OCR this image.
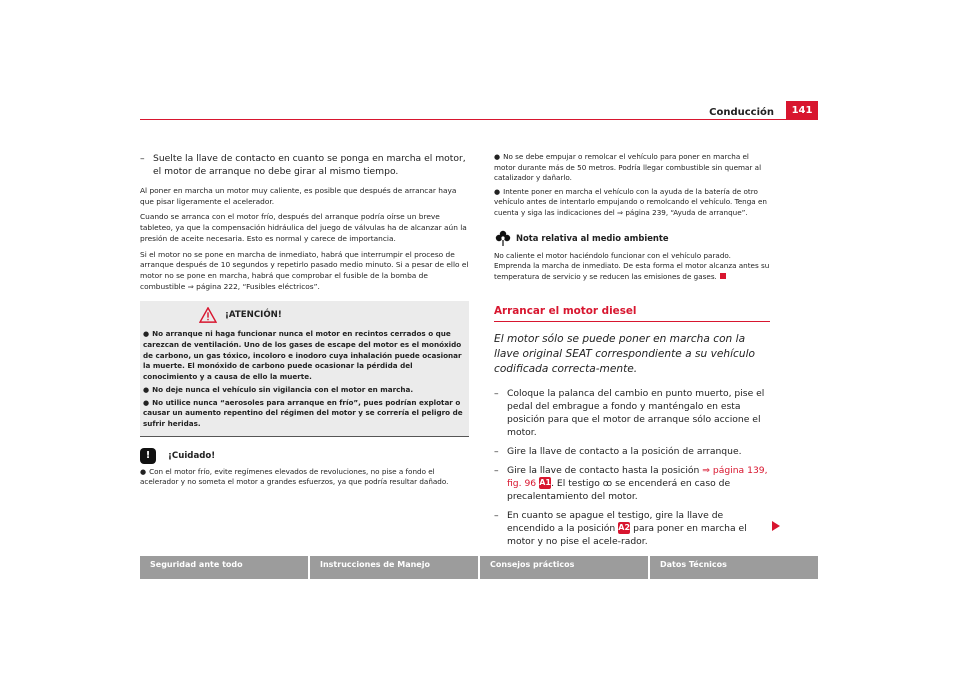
Conducción	141
– Suelte la llave de contacto en cuanto se ponga en marcha el motor, el motor de arranque no debe girar al mismo tiempo.
Al poner en marcha un motor muy caliente, es posible que después de arrancar haya que pisar ligeramente el acelerador.
Cuando se arranca con el motor frío, después del arranque podría oírse un breve tableteo, ya que la compensación hidráulica del juego de válvulas ha de alcanzar aún la presión de aceite necesaria. Esto es normal y carece de importancia.
Si el motor no se pone en marcha de inmediato, habrá que interrumpir el proceso de arranque después de 10 segundos y repetirlo pasado medio minuto. Si a pesar de ello el motor no se pone en marcha, habrá que comprobar el fusible de la bomba de combustible ⇒ página 222, “Fusibles eléctricos”.
¡ATENCIÓN!
● No arranque ni haga funcionar nunca el motor en recintos cerrados o que carezcan de ventilación. Uno de los gases de escape del motor es el monóxido de carbono, un gas tóxico, incoloro e inodoro cuya inhalación puede ocasionar la muerte. El monóxido de carbono puede ocasionar la pérdida del conocimiento y a causa de ello la muerte.
● No deje nunca el vehículo sin vigilancia con el motor en marcha.
● No utilice nunca “aerosoles para arranque en frío”, pues podrían explotar o causar un aumento repentino del régimen del motor y se correría el peligro de sufrir heridas.
!	¡Cuidado!
● Con el motor frío, evite regímenes elevados de revoluciones, no pise a fondo el acelerador y no someta el motor a grandes esfuerzos, ya que podría resultar dañado.
● No se debe empujar o remolcar el vehículo para poner en marcha el motor durante más de 50 metros. Podría llegar combustible sin quemar al catalizador y dañarlo.
● Intente poner en marcha el vehículo con la ayuda de la batería de otro vehículo antes de intentarlo empujando o remolcando el vehículo. Tenga en cuenta y siga las indicaciones del ⇒ página 239, “Ayuda de arranque”.
Nota relativa al medio ambiente
No caliente el motor haciéndolo funcionar con el vehículo parado. Emprenda la marcha de inmediato. De esta forma el motor alcanza antes su temperatura de servicio y se reducen las emisiones de gases.
Arrancar el motor diesel
El motor sólo se puede poner en marcha con la llave original SEAT correspondiente a su vehículo codificada correcta-mente.
– Coloque la palanca del cambio en punto muerto, pise el pedal del embrague a fondo y manténgalo en esta posición para que el motor de arranque sólo accione el motor.
– Gire la llave de contacto a la posición de arranque.
– Gire la llave de contacto hasta la posición ⇒ página 139, fig. 96 A1. El testigo ꝏ se encenderá en caso de precalentamiento del motor.
– En cuanto se apague el testigo, gire la llave de encendido a la posición A2 para poner en marcha el motor y no pise el acele-rador.
Seguridad ante todo	Instrucciones de Manejo	Consejos prácticos	Datos Técnicos
